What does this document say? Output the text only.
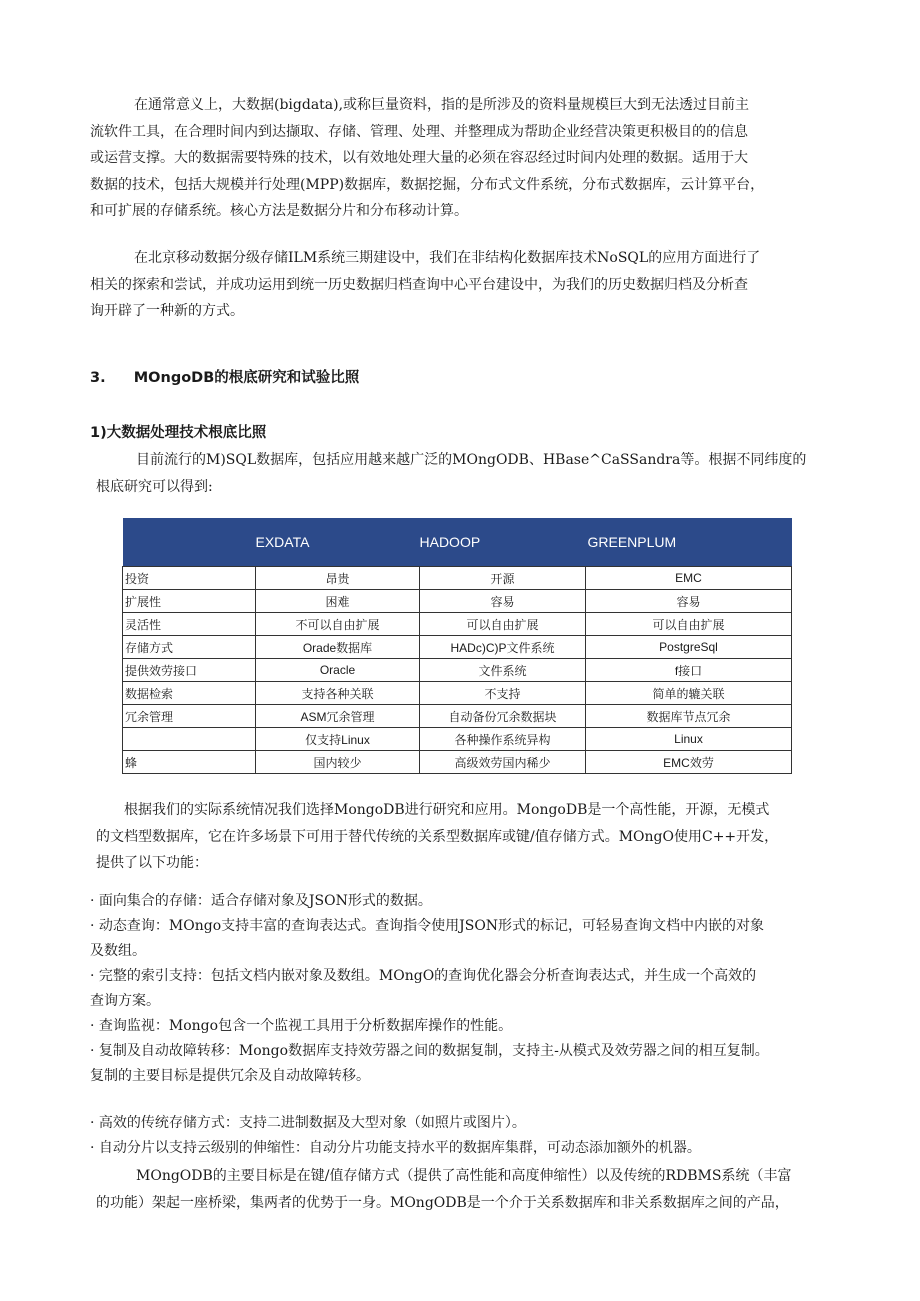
在通常意义上，大数据(bigdata),或称巨量资料，指的是所涉及的资料量规模巨大到无法透过目前主
流软件工具，在合理时间内到达撷取、存储、管理、处理、并整理成为帮助企业经营决策更积极目的的信息
或运营支撑。大的数据需要特殊的技术，以有效地处理大量的必须在容忍经过时间内处理的数据。适用于大
数据的技术，包括大规模并行处理(MPP)数据库，数据挖掘，分布式文件系统，分布式数据库，云计算平台，
和可扩展的存储系统。核心方法是数据分片和分布移动计算。
在北京移动数据分级存储ILM系统三期建设中，我们在非结构化数据库技术NoSQL的应用方面进行了
相关的探索和尝试，并成功运用到统一历史数据归档查询中心平台建设中，为我们的历史数据归档及分析查
询开辟了一种新的方式。
3. MOngoDB的根底研究和试验比照
1)大数据处理技术根底比照
目前流行的M)SQL数据库，包括应用越来越广泛的MOngODB、HBase^CaSSandra等。根据不同纬度的
根底研究可以得到:
	EXDATA	HADOOP	GREENPLUM
投资	昂贵	开源	EMC
扩展性	困难	容易	容易
灵活性	不可以自由扩展	可以自由扩展	可以自由扩展
存储方式	Orade数据库	HADc)C)P文件系统	PostgreSql
提供效劳接口	Oracle	文件系统	f接口
数据检索	支持各种关联	不支持	简单的辘关联
冗余管理	ASM冗余管理	自动备份冗余数据块	数据库节点冗余
	仅支持Linux	各种操作系统异构	Linux
蜂	国内较少	高级效劳国内稀少	EMC效劳
根据我们的实际系统情况我们选择MongoDB进行研究和应用。MongoDB是一个高性能，开源，无模式
的文档型数据库，它在许多场景下可用于替代传统的关系型数据库或键/值存储方式。MOngO使用C++开发，
提供了以下功能：
· 面向集合的存储：适合存储对象及JSON形式的数据。
· 动态查询：MOngo支持丰富的查询表达式。查询指令使用JSON形式的标记，可轻易查询文档中内嵌的对象
及数组。
· 完整的索引支持：包括文档内嵌对象及数组。MOngO的查询优化器会分析查询表达式，并生成一个高效的
查询方案。
· 查询监视：Mongo包含一个监视工具用于分析数据库操作的性能。
· 复制及自动故障转移：Mongo数据库支持效劳器之间的数据复制，支持主-从模式及效劳器之间的相互复制。
复制的主要目标是提供冗余及自动故障转移。
· 高效的传统存储方式：支持二进制数据及大型对象（如照片或图片）。
· 自动分片以支持云级别的伸缩性：自动分片功能支持水平的数据库集群，可动态添加额外的机器。
MOngODB的主要目标是在键/值存储方式（提供了高性能和高度伸缩性）以及传统的RDBMS系统（丰富
的功能）架起一座桥梁，集两者的优势于一身。MOngODB是一个介于关系数据库和非关系数据库之间的产品，
